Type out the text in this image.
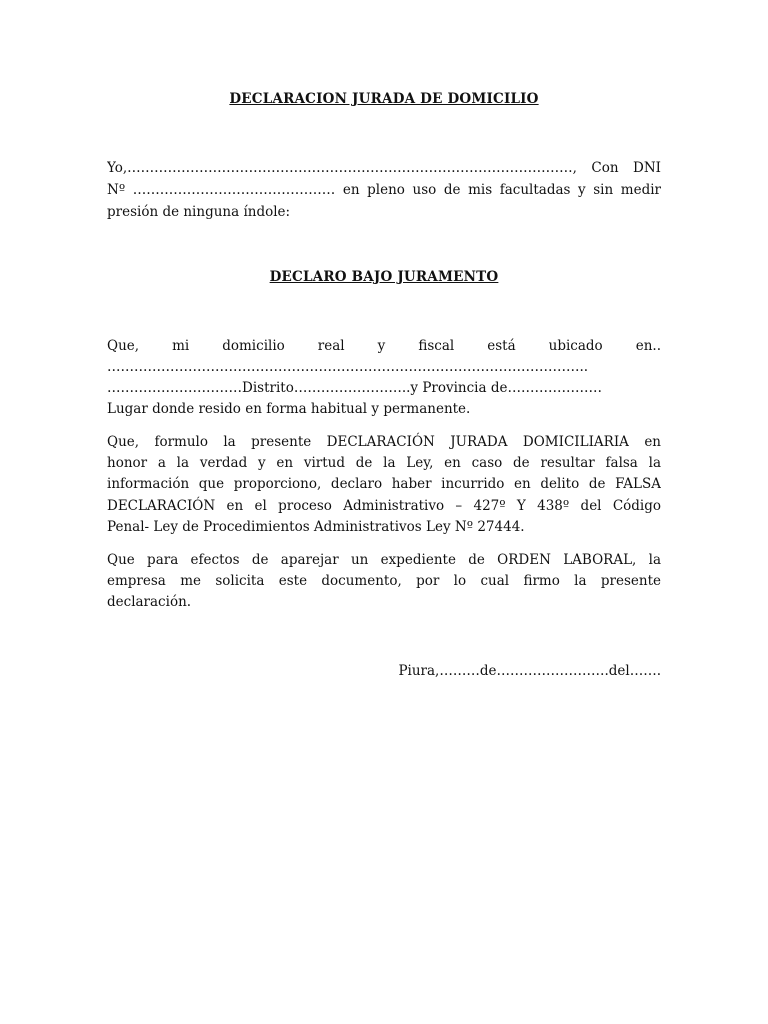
DECLARACION JURADA DE DOMICILIO
Yo,………………………………………………………………………………………, Con DNI
Nº ……………………………………… en pleno uso de mis facultadas y sin medir
presión de ninguna índole:
DECLARO BAJO JURAMENTO
Que, mi domicilio real y fiscal está ubicado en..
……………………………………………………………………………………………..
…………………………Distrito……………………..y Provincia de…………………
Lugar donde resido en forma habitual y permanente.
Que, formulo la presente DECLARACIÓN JURADA DOMICILIARIA en
honor a la verdad y en virtud de la Ley, en caso de resultar falsa la
información que proporciono, declaro haber incurrido en delito de FALSA
DECLARACIÓN en el proceso Administrativo – 427º Y 438º del Código
Penal- Ley de Procedimientos Administrativos Ley Nº 27444.
Que para efectos de aparejar un expediente de ORDEN LABORAL, la
empresa me solicita este documento, por lo cual firmo la presente
declaración.
Piura,………de…………………….del…….
